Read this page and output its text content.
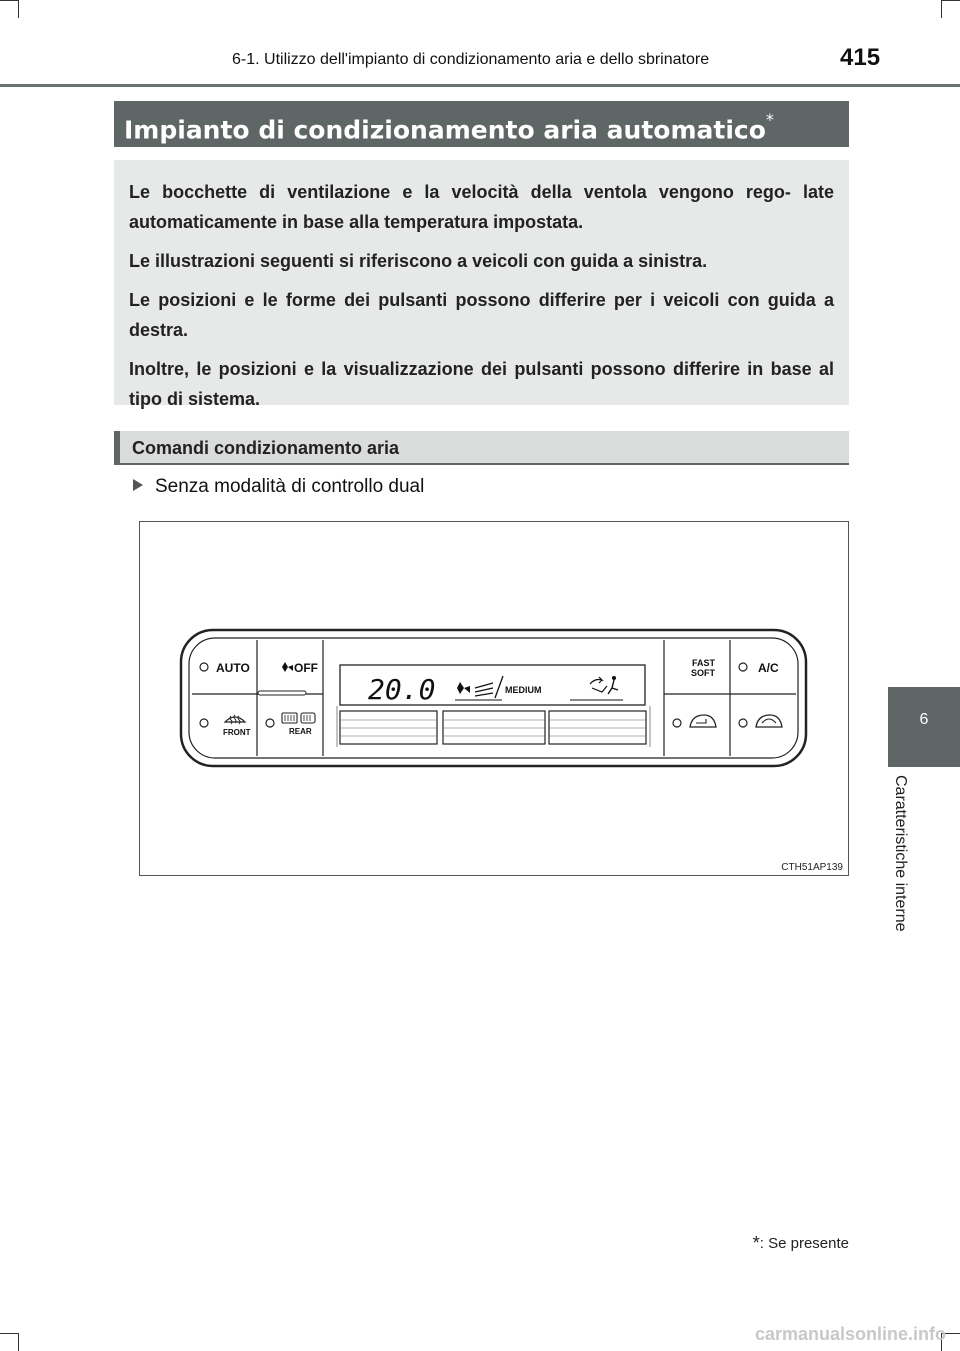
6-1. Utilizzo dell'impianto di condizionamento aria e dello sbrinatore	415
Impianto di condizionamento aria automatico*

Le bocchette di ventilazione e la velocità della ventola vengono rego- late automaticamente in base alla temperatura impostata.

Le illustrazioni seguenti si riferiscono a veicoli con guida a sinistra.

Le posizioni e le forme dei pulsanti possono differire per i veicoli con guida a destra.

Inoltre, le posizioni e la visualizzazione dei pulsanti possono differire in base al tipo di sistema.

Comandi condizionamento aria
Senza modalità di controllo dual
AUTO	OFF
FRONT	REAR
20.0	MEDIUM
FAST
SOFT	A/C
CTH51AP139
6
Caratteristiche interne
*: Se presente
carmanualsonline.info
